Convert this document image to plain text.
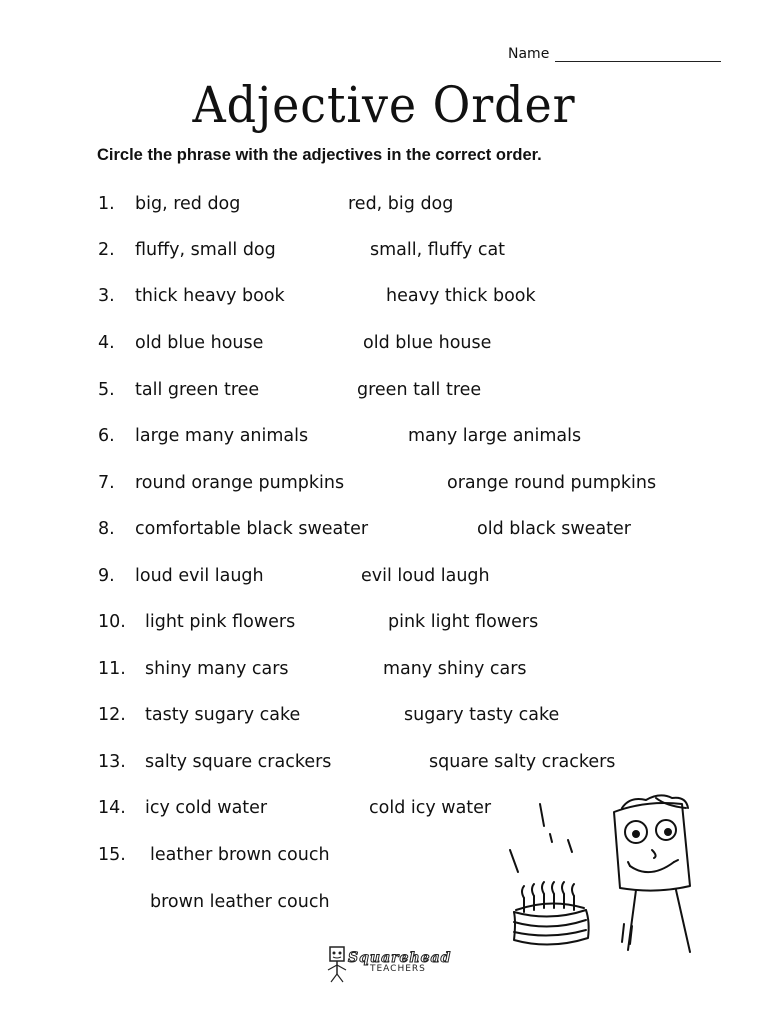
Name
Adjective Order
Circle the phrase with the adjectives in the correct order.
1. big, red dog	red, big dog
2. fluffy, small dog	small, fluffy cat
3. thick heavy book	heavy thick book
4. old blue house	old blue house
5. tall green tree	green tall tree
6. large many animals	many large animals
7. round orange pumpkins	orange round pumpkins
8. comfortable black sweater	old black sweater
9. loud evil laugh	evil loud laugh
10. light pink flowers	pink light flowers
11. shiny many cars	many shiny cars
12. tasty sugary cake	sugary tasty cake
13. salty square crackers	square salty crackers
14. icy cold water	cold icy water
15. leather brown couch
brown leather couch
Squarehead
TEACHERS
